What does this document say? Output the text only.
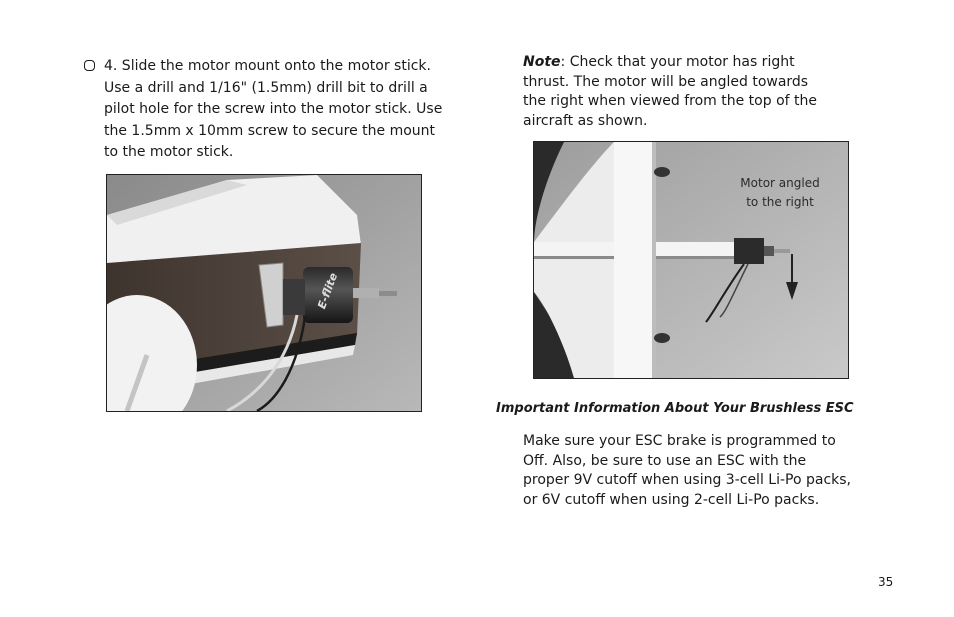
4. Slide the motor mount onto the motor stick. Use a drill and 1/16" (1.5mm) drill bit to drill a pilot hole for the screw into the motor stick. Use the 1.5mm x 10mm screw to secure the mount to the motor stick.
E-flite
Note: Check that your motor has right thrust. The motor will be angled towards the right when viewed from the top of the aircraft as shown.
Motor angled
to the right
Important Information About Your Brushless ESC
Make sure your ESC brake is programmed to Off. Also, be sure to use an ESC with the proper 9V cutoff when using 3-cell Li-Po packs, or 6V cutoff when using 2-cell Li-Po packs.
35
